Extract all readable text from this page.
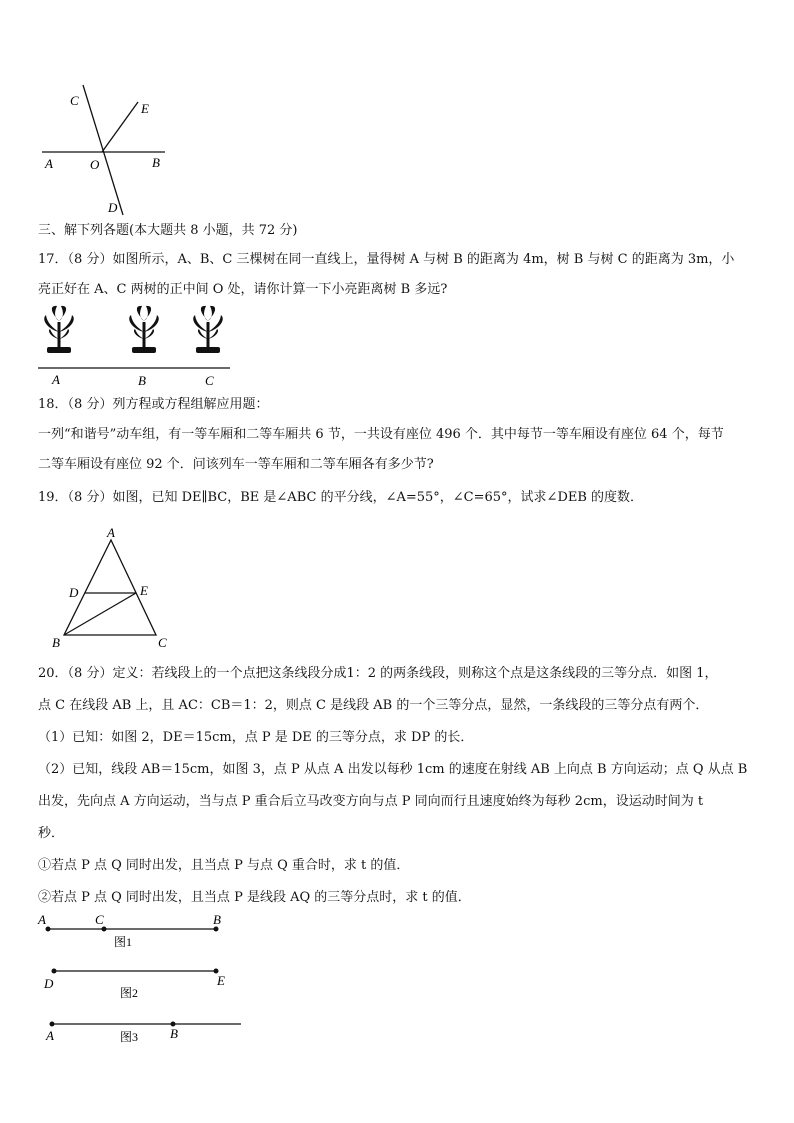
C
E
A	O	B
D
三、解下列各题(本大题共 8 小题，共 72 分)
17．（8 分）如图所示，A、B、C 三棵树在同一直线上，量得树 A 与树 B 的距离为 4m，树 B 与树 C 的距离为 3m，小
亮正好在 A、C 两树的正中间 O 处，请你计算一下小亮距离树 B 多远?
A	B	C
18．（8 分）列方程或方程组解应用题：
一列“和谐号”动车组，有一等车厢和二等车厢共 6 节，一共设有座位 496 个．其中每节一等车厢设有座位 64 个，每节
二等车厢设有座位 92 个．问该列车一等车厢和二等车厢各有多少节?
19．（8 分）如图，已知 DE∥BC，BE 是∠ABC 的平分线，∠A=55°，∠C=65°，试求∠DEB 的度数．
A
D	E
B	C
20．（8 分）定义：若线段上的一个点把这条线段分成1：2 的两条线段，则称这个点是这条线段的三等分点．如图 1，
点 C 在线段 AB 上，且 AC：CB＝1：2，则点 C 是线段 AB 的一个三等分点，显然，一条线段的三等分点有两个．
（1）已知：如图 2，DE＝15cm，点 P 是 DE 的三等分点，求 DP 的长．
（2）已知，线段 AB＝15cm，如图 3，点 P 从点 A 出发以每秒 1cm 的速度在射线 AB 上向点 B 方向运动；点 Q 从点 B
出发，先向点 A 方向运动，当与点 P 重合后立马改变方向与点 P 同向而行且速度始终为每秒 2cm，设运动时间为 t
秒．
①若点 P 点 Q 同时出发，且当点 P 与点 Q 重合时，求 t 的值．
②若点 P 点 Q 同时出发，且当点 P 是线段 AQ 的三等分点时，求 t 的值．
A	C	B
图1
D	E
图2
A	B
图3
